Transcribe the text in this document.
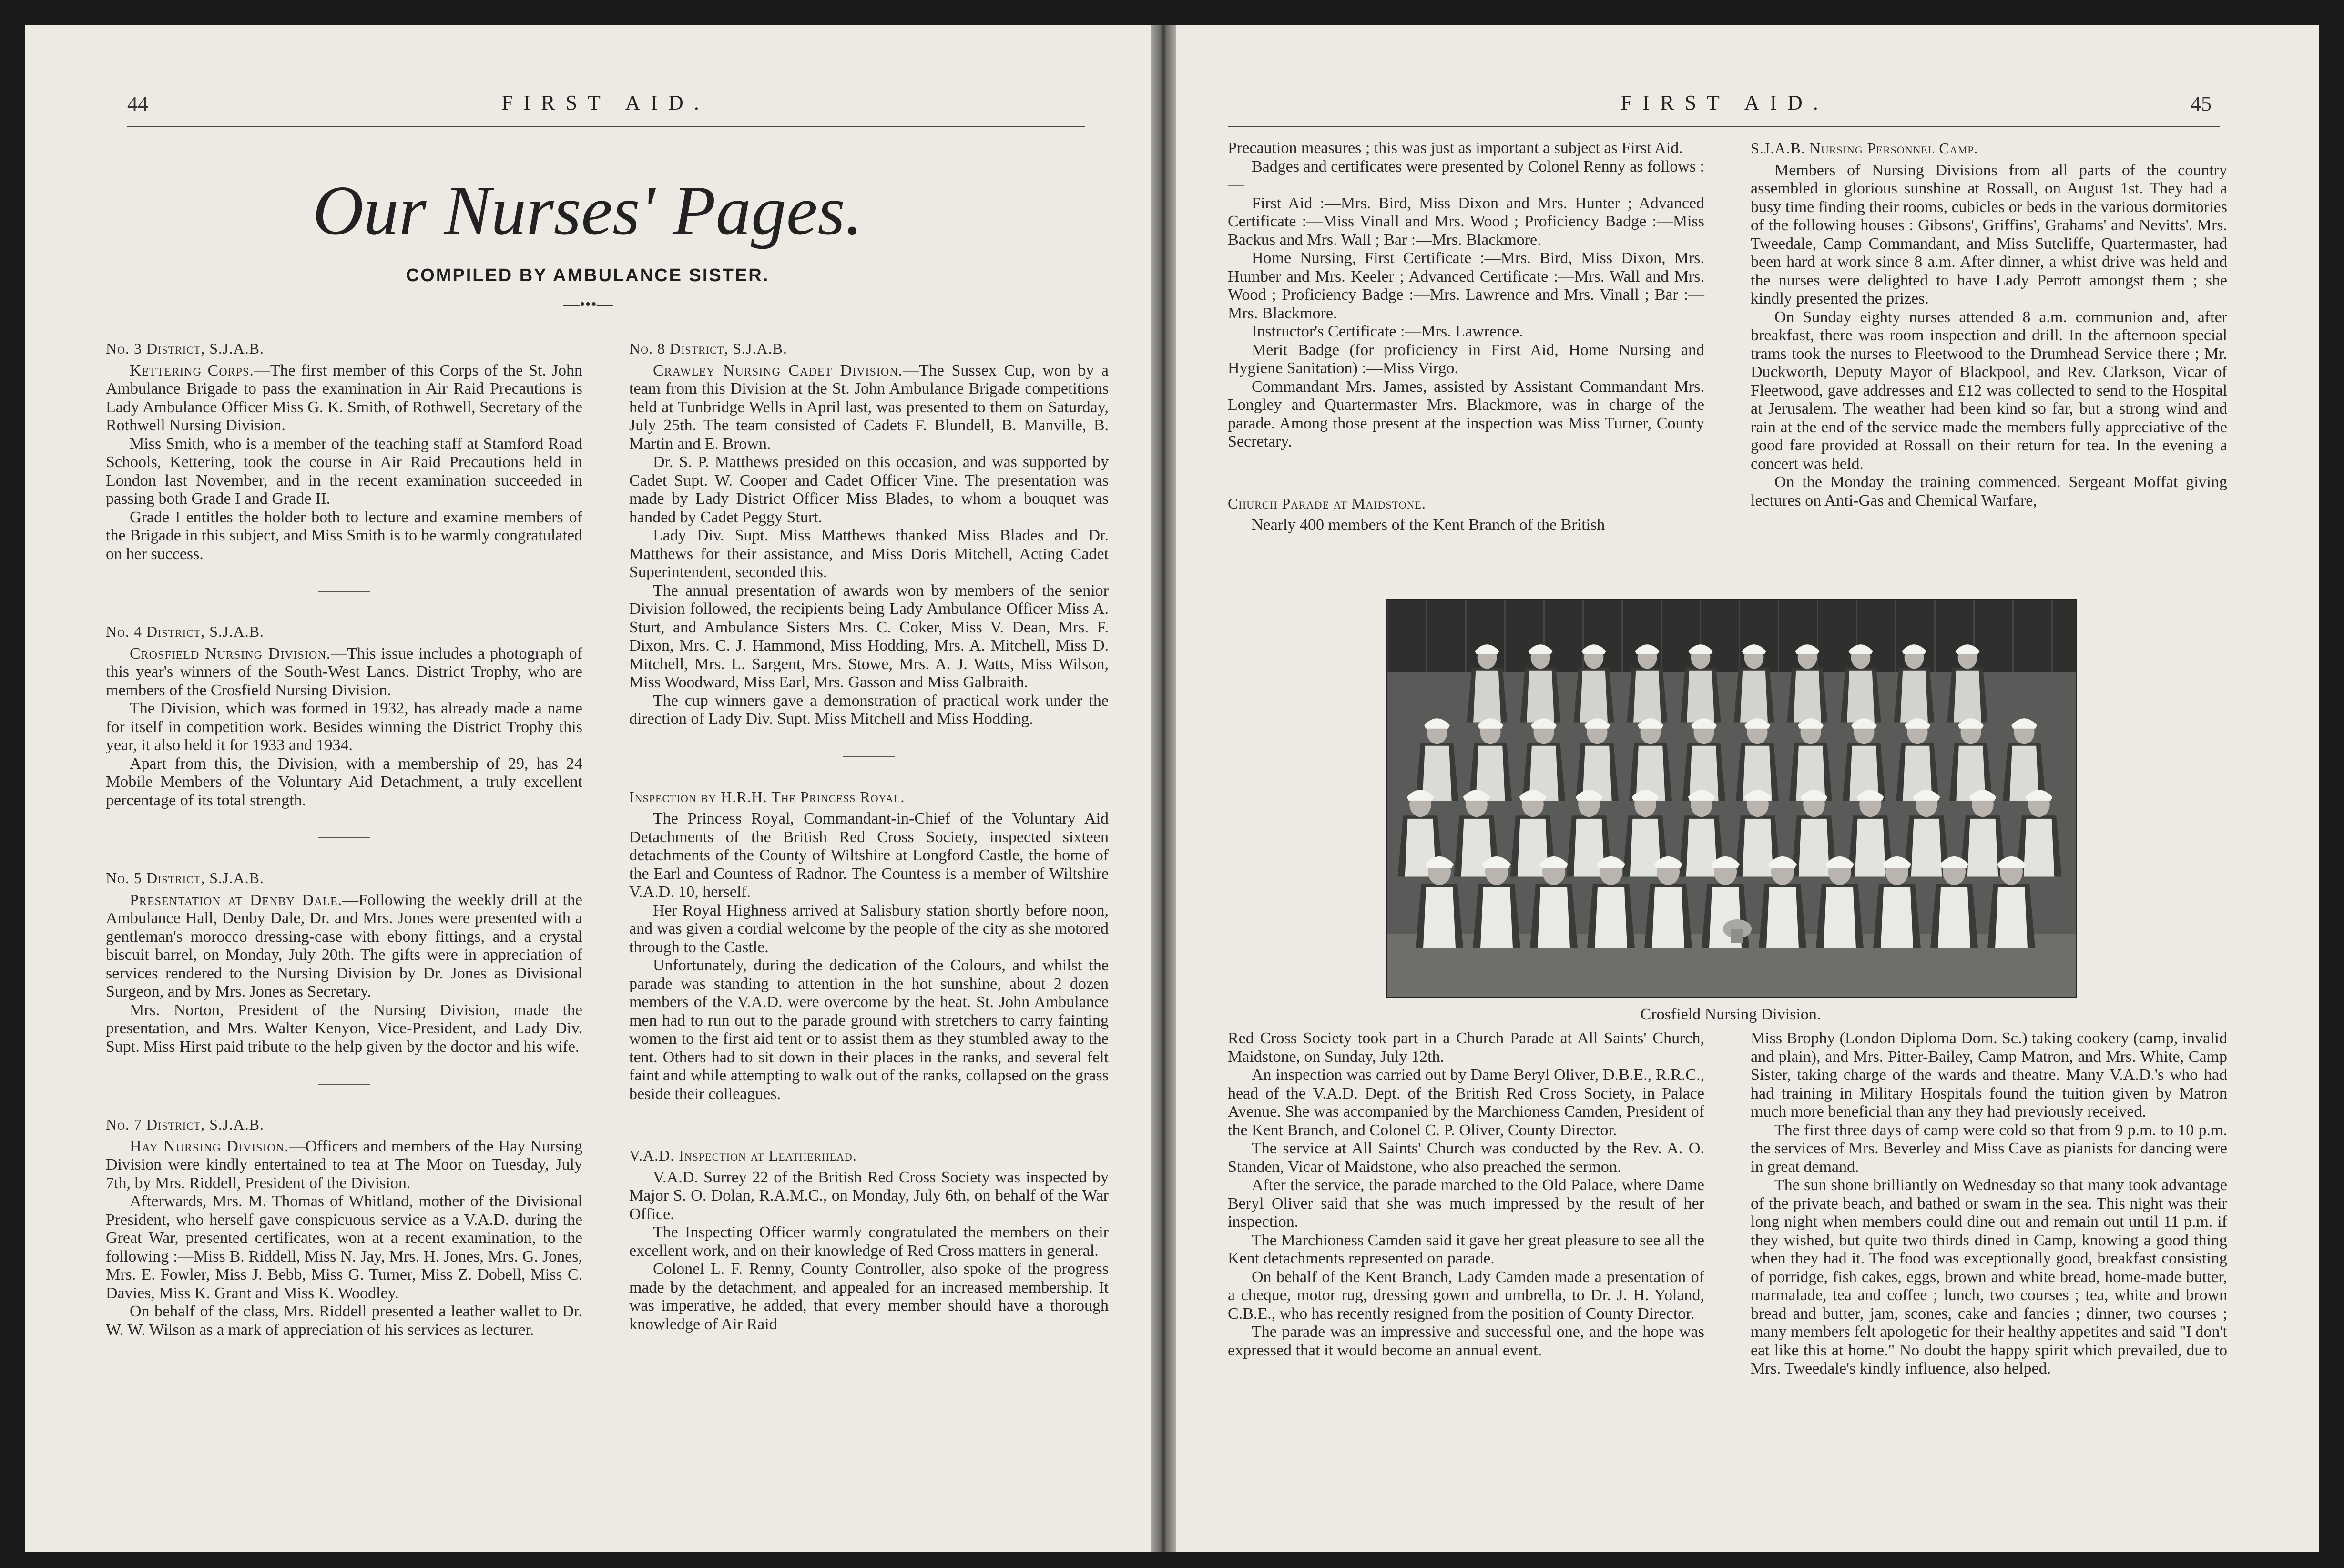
44	FIRST AID.
Our Nurses' Pages.
COMPILED BY AMBULANCE SISTER.
—•••—
No. 3 District, S.J.A.B.

Kettering Corps.—The first member of this Corps of the St. John Ambulance Brigade to pass the examination in Air Raid Precautions is Lady Ambulance Officer Miss G. K. Smith, of Rothwell, Secretary of the Rothwell Nursing Division.

Miss Smith, who is a member of the teaching staff at Stamford Road Schools, Kettering, took the course in Air Raid Precautions held in London last November, and in the recent examination succeeded in passing both Grade I and Grade II.

Grade I entitles the holder both to lecture and examine members of the Brigade in this subject, and Miss Smith is to be warmly congratulated on her success.

No. 4 District, S.J.A.B.

Crosfield Nursing Division.—This issue includes a photograph of this year's winners of the South-West Lancs. District Trophy, who are members of the Crosfield Nursing Division.

The Division, which was formed in 1932, has already made a name for itself in competition work. Besides winning the District Trophy this year, it also held it for 1933 and 1934.

Apart from this, the Division, with a membership of 29, has 24 Mobile Members of the Voluntary Aid Detachment, a truly excellent percentage of its total strength.

No. 5 District, S.J.A.B.

Presentation at Denby Dale.—Following the weekly drill at the Ambulance Hall, Denby Dale, Dr. and Mrs. Jones were presented with a gentleman's morocco dressing-case with ebony fittings, and a crystal biscuit barrel, on Monday, July 20th. The gifts were in appreciation of services rendered to the Nursing Division by Dr. Jones as Divisional Surgeon, and by Mrs. Jones as Secretary.

Mrs. Norton, President of the Nursing Division, made the presentation, and Mrs. Walter Kenyon, Vice-President, and Lady Div. Supt. Miss Hirst paid tribute to the help given by the doctor and his wife.

No. 7 District, S.J.A.B.

Hay Nursing Division.—Officers and members of the Hay Nursing Division were kindly entertained to tea at The Moor on Tuesday, July 7th, by Mrs. Riddell, President of the Division.

Afterwards, Mrs. M. Thomas of Whitland, mother of the Divisional President, who herself gave conspicuous service as a V.A.D. during the Great War, presented certificates, won at a recent examination, to the following :—Miss B. Riddell, Miss N. Jay, Mrs. H. Jones, Mrs. G. Jones, Mrs. E. Fowler, Miss J. Bebb, Miss G. Turner, Miss Z. Dobell, Miss C. Davies, Miss K. Grant and Miss K. Woodley.

On behalf of the class, Mrs. Riddell presented a leather wallet to Dr. W. W. Wilson as a mark of appreciation of his services as lecturer.

No. 8 District, S.J.A.B.

Crawley Nursing Cadet Division.—The Sussex Cup, won by a team from this Division at the St. John Ambulance Brigade competitions held at Tunbridge Wells in April last, was presented to them on Saturday, July 25th. The team consisted of Cadets F. Blundell, B. Manville, B. Martin and E. Brown.

Dr. S. P. Matthews presided on this occasion, and was supported by Cadet Supt. W. Cooper and Cadet Officer Vine. The presentation was made by Lady District Officer Miss Blades, to whom a bouquet was handed by Cadet Peggy Sturt.

Lady Div. Supt. Miss Matthews thanked Miss Blades and Dr. Matthews for their assistance, and Miss Doris Mitchell, Acting Cadet Superintendent, seconded this.

The annual presentation of awards won by members of the senior Division followed, the recipients being Lady Ambulance Officer Miss A. Sturt, and Ambulance Sisters Mrs. C. Coker, Miss V. Dean, Mrs. F. Dixon, Mrs. C. J. Hammond, Miss Hodding, Mrs. A. Mitchell, Miss D. Mitchell, Mrs. L. Sargent, Mrs. Stowe, Mrs. A. J. Watts, Miss Wilson, Miss Woodward, Miss Earl, Mrs. Gasson and Miss Galbraith.

The cup winners gave a demonstration of practical work under the direction of Lady Div. Supt. Miss Mitchell and Miss Hodding.

Inspection by H.R.H. The Princess Royal.

The Princess Royal, Commandant-in-Chief of the Voluntary Aid Detachments of the British Red Cross Society, inspected sixteen detachments of the County of Wiltshire at Longford Castle, the home of the Earl and Countess of Radnor. The Countess is a member of Wiltshire V.A.D. 10, herself.

Her Royal Highness arrived at Salisbury station shortly before noon, and was given a cordial welcome by the people of the city as she motored through to the Castle.

Unfortunately, during the dedication of the Colours, and whilst the parade was standing to attention in the hot sunshine, about 2 dozen members of the V.A.D. were overcome by the heat. St. John Ambulance men had to run out to the parade ground with stretchers to carry fainting women to the first aid tent or to assist them as they stumbled away to the tent. Others had to sit down in their places in the ranks, and several felt faint and while attempting to walk out of the ranks, collapsed on the grass beside their colleagues.

V.A.D. Inspection at Leatherhead.

V.A.D. Surrey 22 of the British Red Cross Society was inspected by Major S. O. Dolan, R.A.M.C., on Monday, July 6th, on behalf of the War Office.

The Inspecting Officer warmly congratulated the members on their excellent work, and on their knowledge of Red Cross matters in general.

Colonel L. F. Renny, County Controller, also spoke of the progress made by the detachment, and appealed for an increased membership. It was imperative, he added, that every member should have a thorough knowledge of Air Raid

FIRST AID.	45

Precaution measures ; this was just as important a subject as First Aid.

Badges and certificates were presented by Colonel Renny as follows :—

First Aid :—Mrs. Bird, Miss Dixon and Mrs. Hunter ; Advanced Certificate :—Miss Vinall and Mrs. Wood ; Proficiency Badge :—Miss Backus and Mrs. Wall ; Bar :—Mrs. Blackmore.

Home Nursing, First Certificate :—Mrs. Bird, Miss Dixon, Mrs. Humber and Mrs. Keeler ; Advanced Certificate :—Mrs. Wall and Mrs. Wood ; Proficiency Badge :—Mrs. Lawrence and Mrs. Vinall ; Bar :—Mrs. Blackmore.

Instructor's Certificate :—Mrs. Lawrence.

Merit Badge (for proficiency in First Aid, Home Nursing and Hygiene Sanitation) :—Miss Virgo.

Commandant Mrs. James, assisted by Assistant Commandant Mrs. Longley and Quartermaster Mrs. Blackmore, was in charge of the parade. Among those present at the inspection was Miss Turner, County Secretary.

Church Parade at Maidstone.

Nearly 400 members of the Kent Branch of the British

S.J.A.B. Nursing Personnel Camp.

Members of Nursing Divisions from all parts of the country assembled in glorious sunshine at Rossall, on August 1st. They had a busy time finding their rooms, cubicles or beds in the various dormitories of the following houses : Gibsons', Griffins', Grahams' and Nevitts'. Mrs. Tweedale, Camp Commandant, and Miss Sutcliffe, Quartermaster, had been hard at work since 8 a.m. After dinner, a whist drive was held and the nurses were delighted to have Lady Perrott amongst them ; she kindly presented the prizes.

On Sunday eighty nurses attended 8 a.m. communion and, after breakfast, there was room inspection and drill. In the afternoon special trams took the nurses to Fleetwood to the Drumhead Service there ; Mr. Duckworth, Deputy Mayor of Blackpool, and Rev. Clarkson, Vicar of Fleetwood, gave addresses and £12 was collected to send to the Hospital at Jerusalem. The weather had been kind so far, but a strong wind and rain at the end of the service made the members fully appreciative of the good fare provided at Rossall on their return for tea. In the evening a concert was held.

On the Monday the training commenced. Sergeant Moffat giving lectures on Anti-Gas and Chemical Warfare,

Crosfield Nursing Division.

Red Cross Society took part in a Church Parade at All Saints' Church, Maidstone, on Sunday, July 12th.

An inspection was carried out by Dame Beryl Oliver, D.B.E., R.R.C., head of the V.A.D. Dept. of the British Red Cross Society, in Palace Avenue. She was accompanied by the Marchioness Camden, President of the Kent Branch, and Colonel C. P. Oliver, County Director.

The service at All Saints' Church was conducted by the Rev. A. O. Standen, Vicar of Maidstone, who also preached the sermon.

After the service, the parade marched to the Old Palace, where Dame Beryl Oliver said that she was much impressed by the result of her inspection.

The Marchioness Camden said it gave her great pleasure to see all the Kent detachments represented on parade.

On behalf of the Kent Branch, Lady Camden made a presentation of a cheque, motor rug, dressing gown and umbrella, to Dr. J. H. Yoland, C.B.E., who has recently resigned from the position of County Director.

The parade was an impressive and successful one, and the hope was expressed that it would become an annual event.

Miss Brophy (London Diploma Dom. Sc.) taking cookery (camp, invalid and plain), and Mrs. Pitter-Bailey, Camp Matron, and Mrs. White, Camp Sister, taking charge of the wards and theatre. Many V.A.D.'s who had had training in Military Hospitals found the tuition given by Matron much more beneficial than any they had previously received.

The first three days of camp were cold so that from 9 p.m. to 10 p.m. the services of Mrs. Beverley and Miss Cave as pianists for dancing were in great demand.

The sun shone brilliantly on Wednesday so that many took advantage of the private beach, and bathed or swam in the sea. This night was their long night when members could dine out and remain out until 11 p.m. if they wished, but quite two thirds dined in Camp, knowing a good thing when they had it. The food was exceptionally good, breakfast consisting of porridge, fish cakes, eggs, brown and white bread, home-made butter, marmalade, tea and coffee ; lunch, two courses ; tea, white and brown bread and butter, jam, scones, cake and fancies ; dinner, two courses ; many members felt apologetic for their healthy appetites and said "I don't eat like this at home." No doubt the happy spirit which prevailed, due to Mrs. Tweedale's kindly influence, also helped.
